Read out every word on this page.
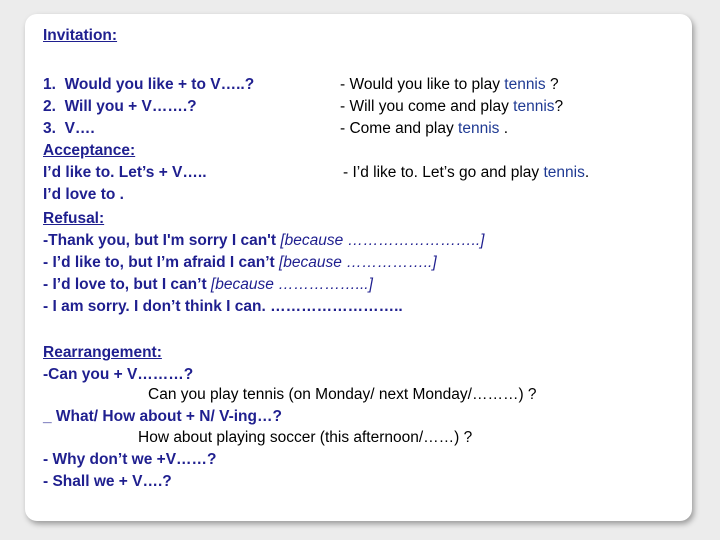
Invitation:
1. Would you like + to V…..?
2. Will you + V…….?
3. V….
- Would you like to play tennis ?
- Will you come and play tennis?
- Come and play tennis .
Acceptance:
I’d like to. Let’s + V…..
I’d love to .
- I’d like to. Let’s go and play tennis.
Refusal:
-Thank you, but I'm sorry I can't [because ……………………..]
- I’d like to, but I’m afraid I can’t [because ……………..]
- I’d love to, but I can’t [because ……………...]
- I am sorry. I don’t think I can. ……………………..
Rearrangement:
-Can you + V………?
Can you play tennis (on Monday/ next Monday/………) ?
_ What/ How about + N/ V-ing…?
How about playing soccer (this afternoon/……) ?
- Why don’t we +V……?
- Shall we + V….?
